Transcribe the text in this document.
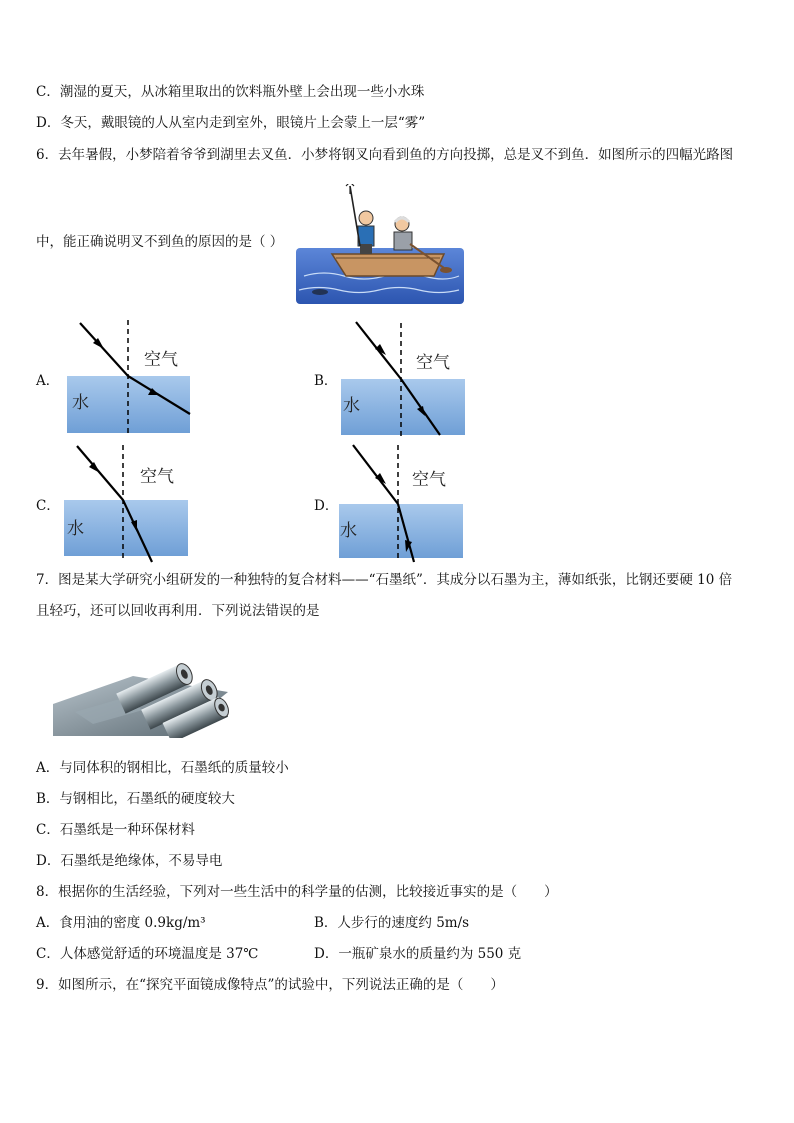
C．潮湿的夏天，从冰箱里取出的饮料瓶外壁上会出现一些小水珠
D．冬天，戴眼镜的人从室内走到室外，眼镜片上会蒙上一层“雾”
6．去年暑假，小梦陪着爷爷到湖里去叉鱼．小梦将钢叉向看到鱼的方向投掷，总是叉不到鱼．如图所示的四幅光路图
中，能正确说明叉不到鱼的原因的是（ ）
A．
空气
水
B．
空气
水
C．
空气
水
D．
空气
水
7．图是某大学研究小组研发的一种独特的复合材料——“石墨纸”．其成分以石墨为主，薄如纸张，比钢还要硬 10 倍
且轻巧，还可以回收再利用．下列说法错误的是
A．与同体积的钢相比，石墨纸的质量较小
B．与钢相比，石墨纸的硬度较大
C．石墨纸是一种环保材料
D．石墨纸是绝缘体，不易导电
8．根据你的生活经验，下列对一些生活中的科学量的估测，比较接近事实的是（　　）
A．食用油的密度 0.9kg/m³	B．人步行的速度约 5m/s
C．人体感觉舒适的环境温度是 37℃	D．一瓶矿泉水的质量约为 550 克
9．如图所示，在“探究平面镜成像特点”的试验中，下列说法正确的是（　　）
